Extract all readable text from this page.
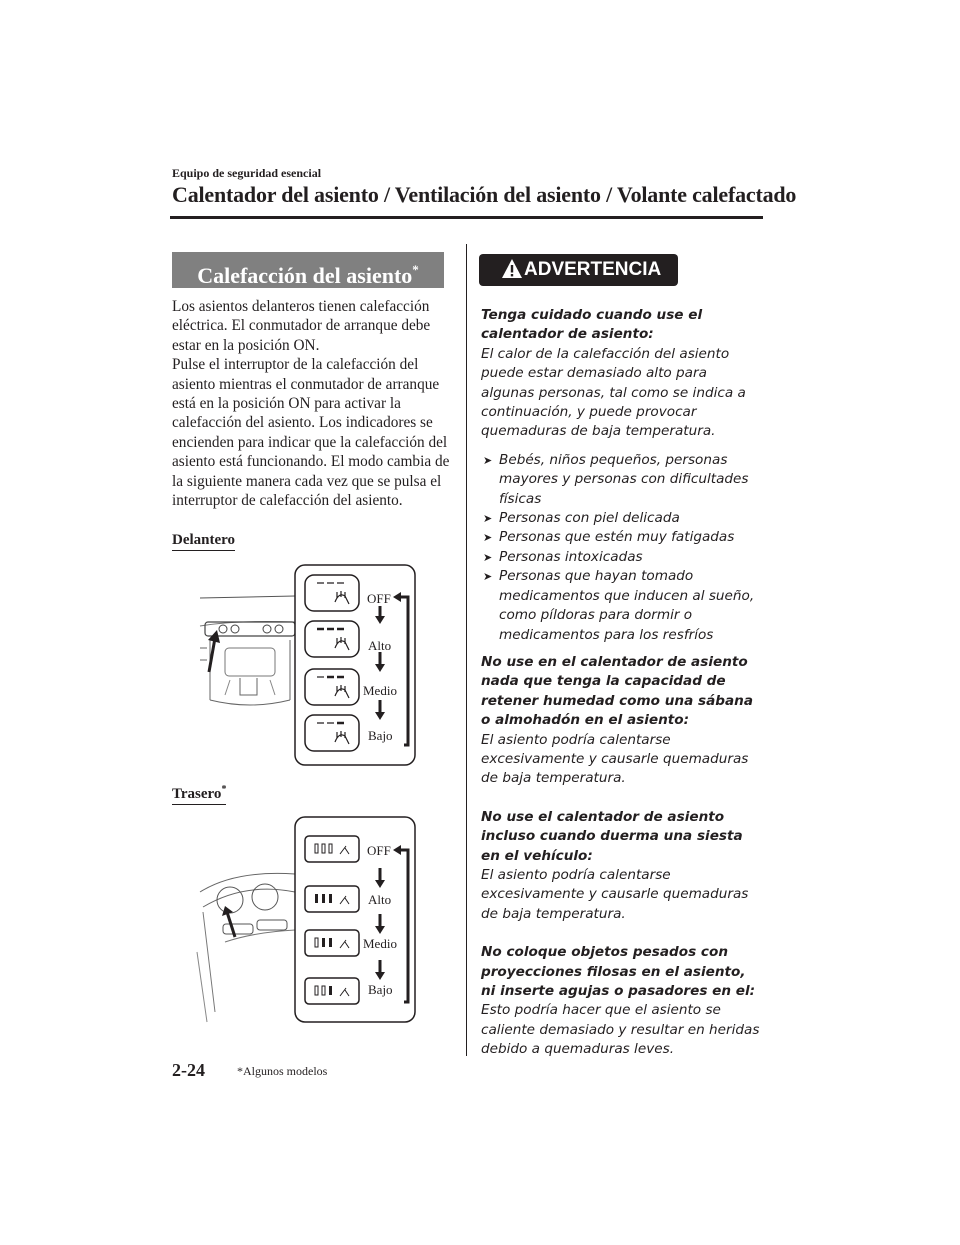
Equipo de seguridad esencial
Calentador del asiento / Ventilación del asiento / Volante calefactado
Calefacción del asiento*

Los asientos delanteros tienen calefacción eléctrica. El conmutador de arranque debe estar en la posición ON.

Pulse el interruptor de la calefacción del asiento mientras el conmutador de arranque está en la posición ON para activar la calefacción del asiento. Los indicadores se encienden para indicar que la calefacción del asiento está funcionando. El modo cambia de la siguiente manera cada vez que se pulsa el interruptor de calefacción del asiento.

Delantero
OFF
Alto
Medio
Bajo
Trasero*
OFF
Alto
Medio
Bajo
ADVERTENCIA

Tenga cuidado cuando use el calentador de asiento:

El calor de la calefacción del asiento puede estar demasiado alto para algunas personas, tal como se indica a continuación, y puede provocar quemaduras de baja temperatura.

➤ Bebés, niños pequeños, personas mayores y personas con dificultades físicas
➤ Personas con piel delicada
➤ Personas que estén muy fatigadas
➤ Personas intoxicadas
➤ Personas que hayan tomado medicamentos que inducen al sueño, como píldoras para dormir o medicamentos para los resfríos

No use en el calentador de asiento nada que tenga la capacidad de retener humedad como una sábana o almohadón en el asiento:

El asiento podría calentarse excesivamente y causarle quemaduras de baja temperatura.

No use el calentador de asiento incluso cuando duerma una siesta en el vehículo:

El asiento podría calentarse excesivamente y causarle quemaduras de baja temperatura.

No coloque objetos pesados con proyecciones filosas en el asiento, ni inserte agujas o pasadores en el:

Esto podría hacer que el asiento se caliente demasiado y resultar en heridas debido a quemaduras leves.

2-24	*Algunos modelos
